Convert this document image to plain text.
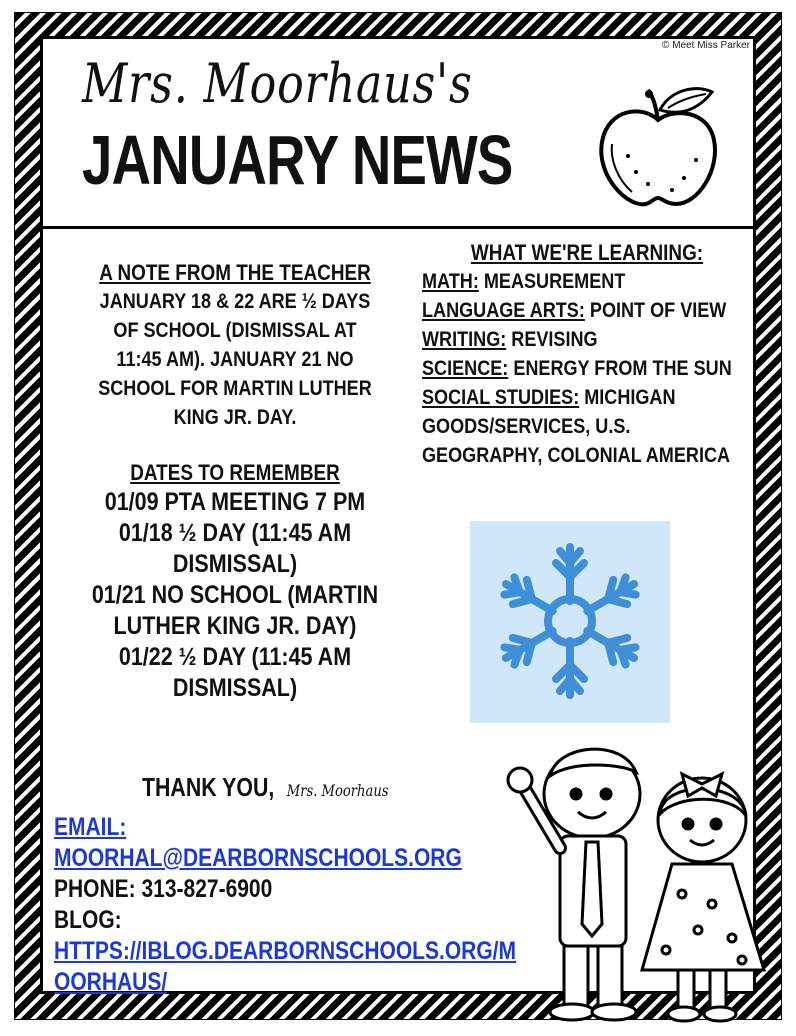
© Meet Miss Parker
Mrs. Moorhaus's
JANUARY NEWS
A NOTE FROM THE TEACHER
JANUARY 18 & 22 ARE ½ DAYS
OF SCHOOL (DISMISSAL AT
11:45 AM). JANUARY 21 NO
SCHOOL FOR MARTIN LUTHER
KING JR. DAY.
DATES TO REMEMBER
01/09 PTA MEETING 7 PM
01/18 ½ DAY (11:45 AM
DISMISSAL)
01/21 NO SCHOOL (MARTIN
LUTHER KING JR. DAY)
01/22 ½ DAY (11:45 AM
DISMISSAL)
WHAT WE'RE LEARNING:
MATH: MEASUREMENT
LANGUAGE ARTS: POINT OF VIEW
WRITING: REVISING
SCIENCE: ENERGY FROM THE SUN
SOCIAL STUDIES: MICHIGAN GOODS/SERVICES, U.S. GEOGRAPHY, COLONIAL AMERICA
THANK YOU, Mrs. Moorhaus
EMAIL:
MOORHAL@DEARBORNSCHOOLS.ORG
PHONE: 313-827-6900
BLOG:
HTTPS://IBLOG.DEARBORNSCHOOLS.ORG/MOORHAUS/
